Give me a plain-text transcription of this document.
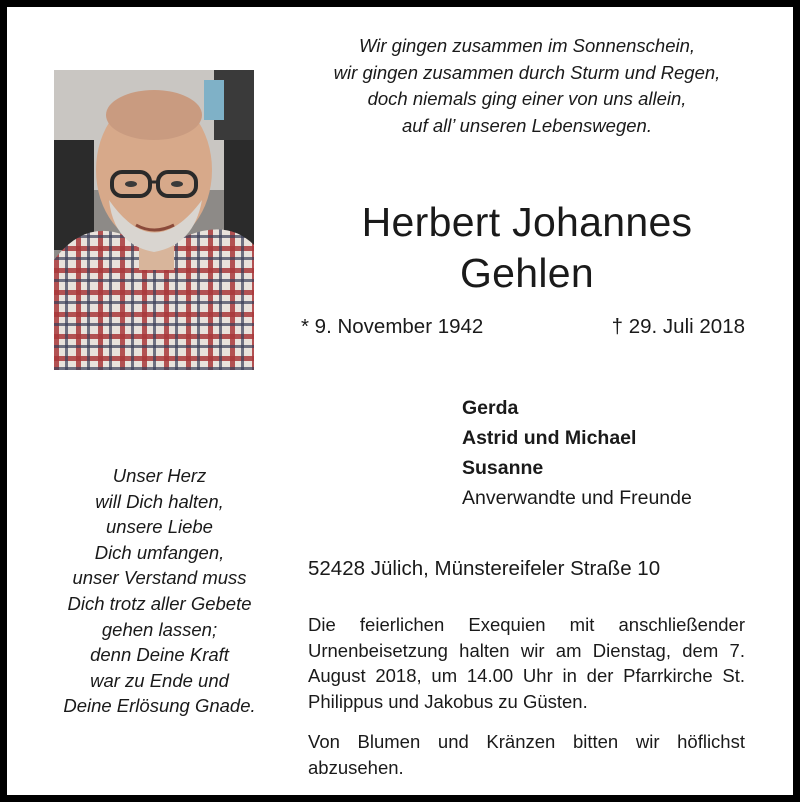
Wir gingen zusammen im Sonnenschein,
wir gingen zusammen durch Sturm und Regen,
doch niemals ging einer von uns allein,
auf all’ unseren Lebenswegen.
Herbert Johannes
Gehlen
* 9. November 1942	† 29. Juli 2018
Gerda
Astrid und Michael
Susanne
Anverwandte und Freunde
Unser Herz
will Dich halten,
unsere Liebe
Dich umfangen,
unser Verstand muss
Dich trotz aller Gebete
gehen lassen;
denn Deine Kraft
war zu Ende und
Deine Erlösung Gnade.
52428 Jülich, Münstereifeler Straße 10
Die feierlichen Exequien mit anschließender Urnenbeisetzung halten wir am Dienstag, dem 7. August 2018, um 14.00 Uhr in der Pfarrkirche St. Philippus und Jakobus zu Güsten.
Von Blumen und Kränzen bitten wir höflichst abzusehen.
